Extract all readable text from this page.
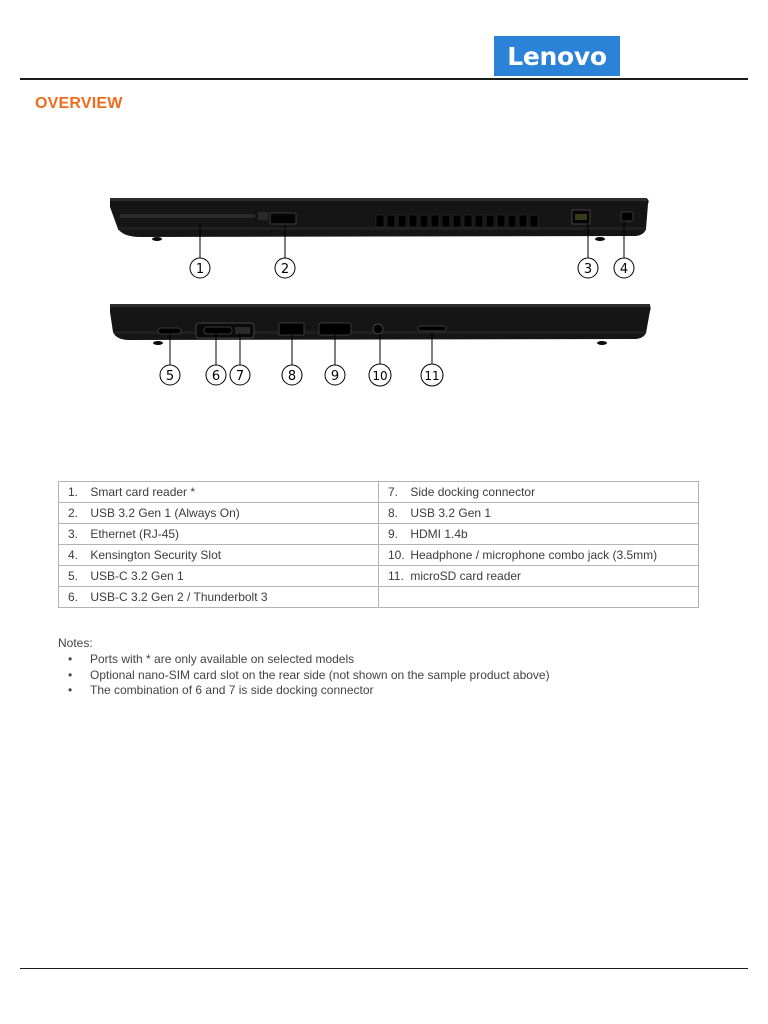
Lenovo
OVERVIEW
1	2	3 4
5	6 7	8	9	10	11
1. Smart card reader *	7. Side docking connector
2. USB 3.2 Gen 1 (Always On)	8. USB 3.2 Gen 1
3. Ethernet (RJ-45)	9. HDMI 1.4b
4. Kensington Security Slot	10. Headphone / microphone combo jack (3.5mm)
5. USB-C 3.2 Gen 1	11. microSD card reader
6. USB-C 3.2 Gen 2 / Thunderbolt 3	
Notes:
• Ports with * are only available on selected models
• Optional nano-SIM card slot on the rear side (not shown on the sample product above)
• The combination of 6 and 7 is side docking connector
